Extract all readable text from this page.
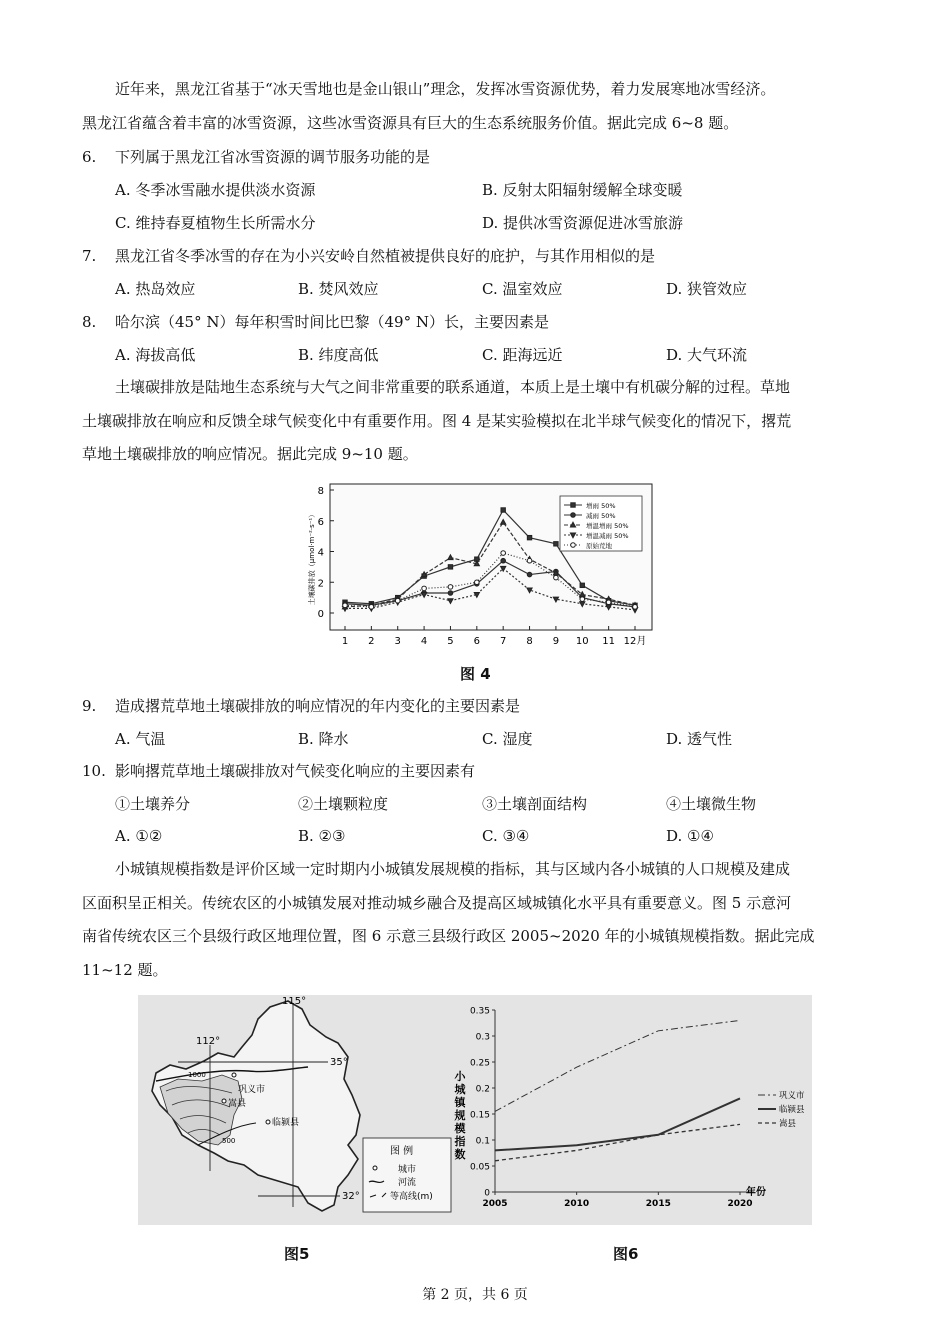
近年来，黑龙江省基于“冰天雪地也是金山银山”理念，发挥冰雪资源优势，着力发展寒地冰雪经济。
黑龙江省蕴含着丰富的冰雪资源，这些冰雪资源具有巨大的生态系统服务价值。据此完成 6~8 题。
6. 下列属于黑龙江省冰雪资源的调节服务功能的是
A. 冬季冰雪融水提供淡水资源	B. 反射太阳辐射缓解全球变暖
C. 维持春夏植物生长所需水分	D. 提供冰雪资源促进冰雪旅游
7. 黑龙江省冬季冰雪的存在为小兴安岭自然植被提供良好的庇护，与其作用相似的是
A. 热岛效应	B. 焚风效应	C. 温室效应	D. 狭管效应
8. 哈尔滨（45° N）每年积雪时间比巴黎（49° N）长，主要因素是
A. 海拔高低	B. 纬度高低	C. 距海远近	D. 大气环流
土壤碳排放是陆地生态系统与大气之间非常重要的联系通道，本质上是土壤中有机碳分解的过程。草地
土壤碳排放在响应和反馈全球气候变化中有重要作用。图 4 是某实验模拟在北半球气候变化的情况下，撂荒
草地土壤碳排放的响应情况。据此完成 9~10 题。
0
2
4
6
8
1 2 3 4 5 6 7 8 9 10 11 12月
土壤碳排放（μmol·m⁻²·s⁻¹）
增雨 50%
减雨 50%
增温增雨 50%
增温减雨 50%
原始荒地
图 4
9. 造成撂荒草地土壤碳排放的响应情况的年内变化的主要因素是
A. 气温	B. 降水	C. 湿度	D. 透气性
10. 影响撂荒草地土壤碳排放对气候变化响应的主要因素有
①土壤养分	②土壤颗粒度	③土壤剖面结构	④土壤微生物
A. ①②	B. ②③	C. ③④	D. ①④
小城镇规模指数是评价区域一定时期内小城镇发展规模的指标，其与区域内各小城镇的人口规模及建成
区面积呈正相关。传统农区的小城镇发展对推动城乡融合及提高区域城镇化水平具有重要意义。图 5 示意河
南省传统农区三个县级行政区地理位置，图 6 示意三县级行政区 2005~2020 年的小城镇规模指数。据此完成
11~12 题。
115°
112°
35°
32°
1000
500
巩义市
嵩县
临颍县
图 例
城市
河流
等高线(m)
图5
0
0.05
0.1
0.15
0.2
0.25
0.3
0.35
2005	2010	2015	2020
年份
小城镇规模指数
巩义市
临颍县
嵩县
图6
第 2 页，共 6 页
